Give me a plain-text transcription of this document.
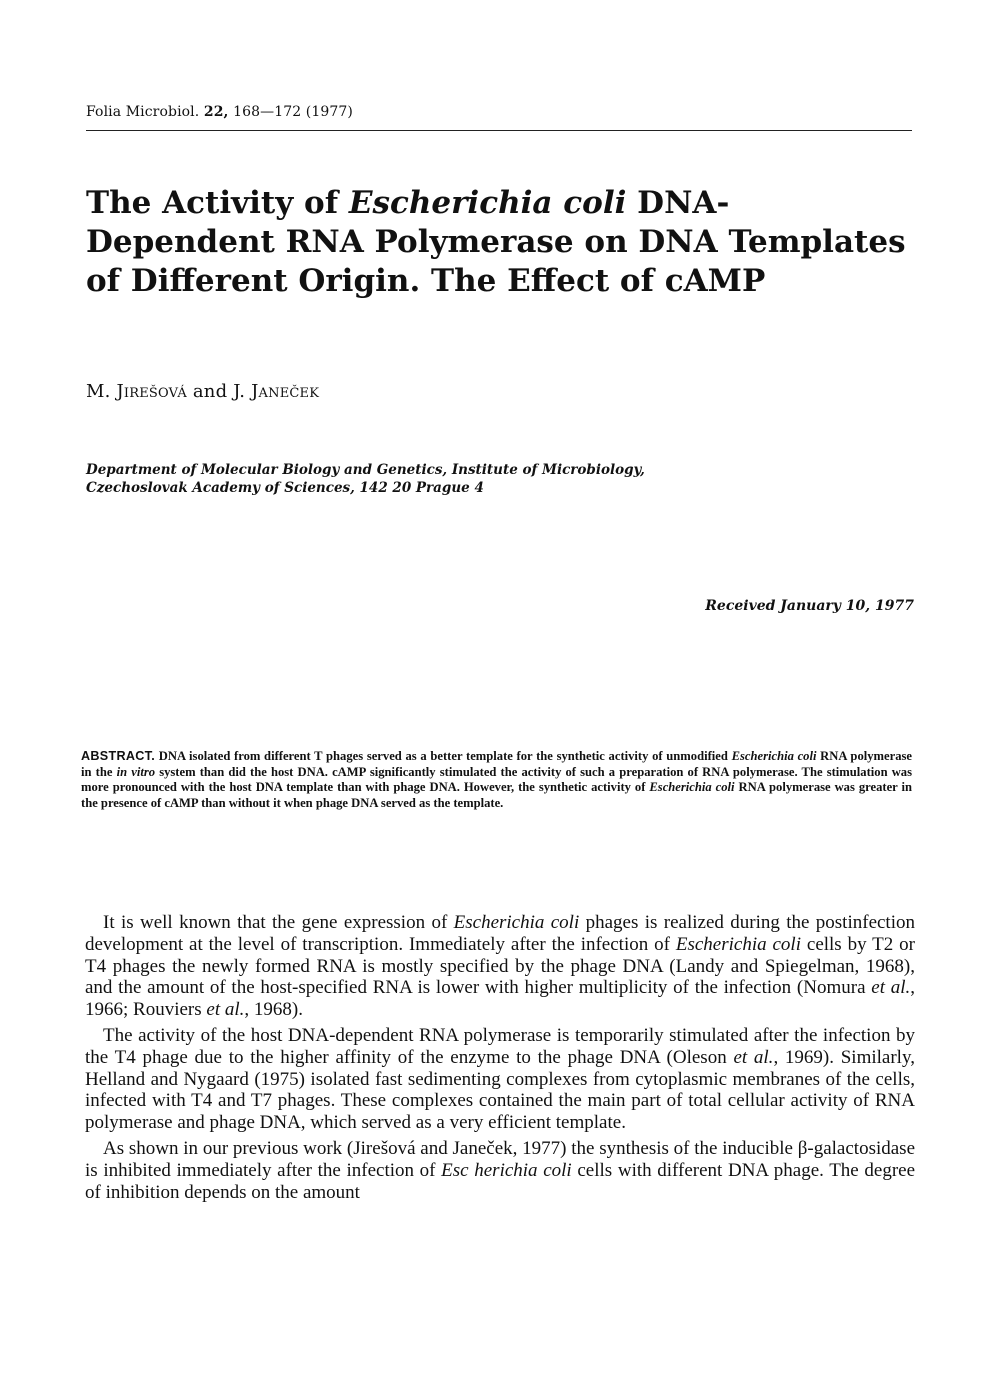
Folia Microbiol. 22, 168—172 (1977)
The Activity of Escherichia coli DNA-Dependent RNA Polymerase on DNA Templates of Different Origin. The Effect of cAMP
M. Jirešová and J. Janeček
Department of Molecular Biology and Genetics, Institute of Microbiology,
Czechoslovak Academy of Sciences, 142 20 Prague 4
Received January 10, 1977
ABSTRACT. DNA isolated from different T phages served as a better template for the synthetic activity of unmodified Escherichia coli RNA polymerase in the in vitro system than did the host DNA. cAMP significantly stimulated the activity of such a preparation of RNA polymerase. The stimulation was more pronounced with the host DNA template than with phage DNA. However, the synthetic activity of Escherichia coli RNA polymerase was greater in the presence of cAMP than without it when phage DNA served as the template.

It is well known that the gene expression of Escherichia coli phages is realized during the postinfection development at the level of transcription. Immediately after the infection of Escherichia coli cells by T2 or T4 phages the newly formed RNA is mostly specified by the phage DNA (Landy and Spiegelman, 1968), and the amount of the host-specified RNA is lower with higher multiplicity of the infection (Nomura et al., 1966; Rouviers et al., 1968).

The activity of the host DNA-dependent RNA polymerase is temporarily stimulated after the infection by the T4 phage due to the higher affinity of the enzyme to the phage DNA (Oleson et al., 1969). Similarly, Helland and Nygaard (1975) isolated fast sedimenting complexes from cytoplasmic membranes of the cells, infected with T4 and T7 phages. These complexes contained the main part of total cellular activity of RNA polymerase and phage DNA, which served as a very efficient template.

As shown in our previous work (Jirešová and Janeček, 1977) the synthesis of the inducible β-galactosidase is inhibited immediately after the infection of Esc herichia coli cells with different DNA phage. The degree of inhibition depends on the amount
